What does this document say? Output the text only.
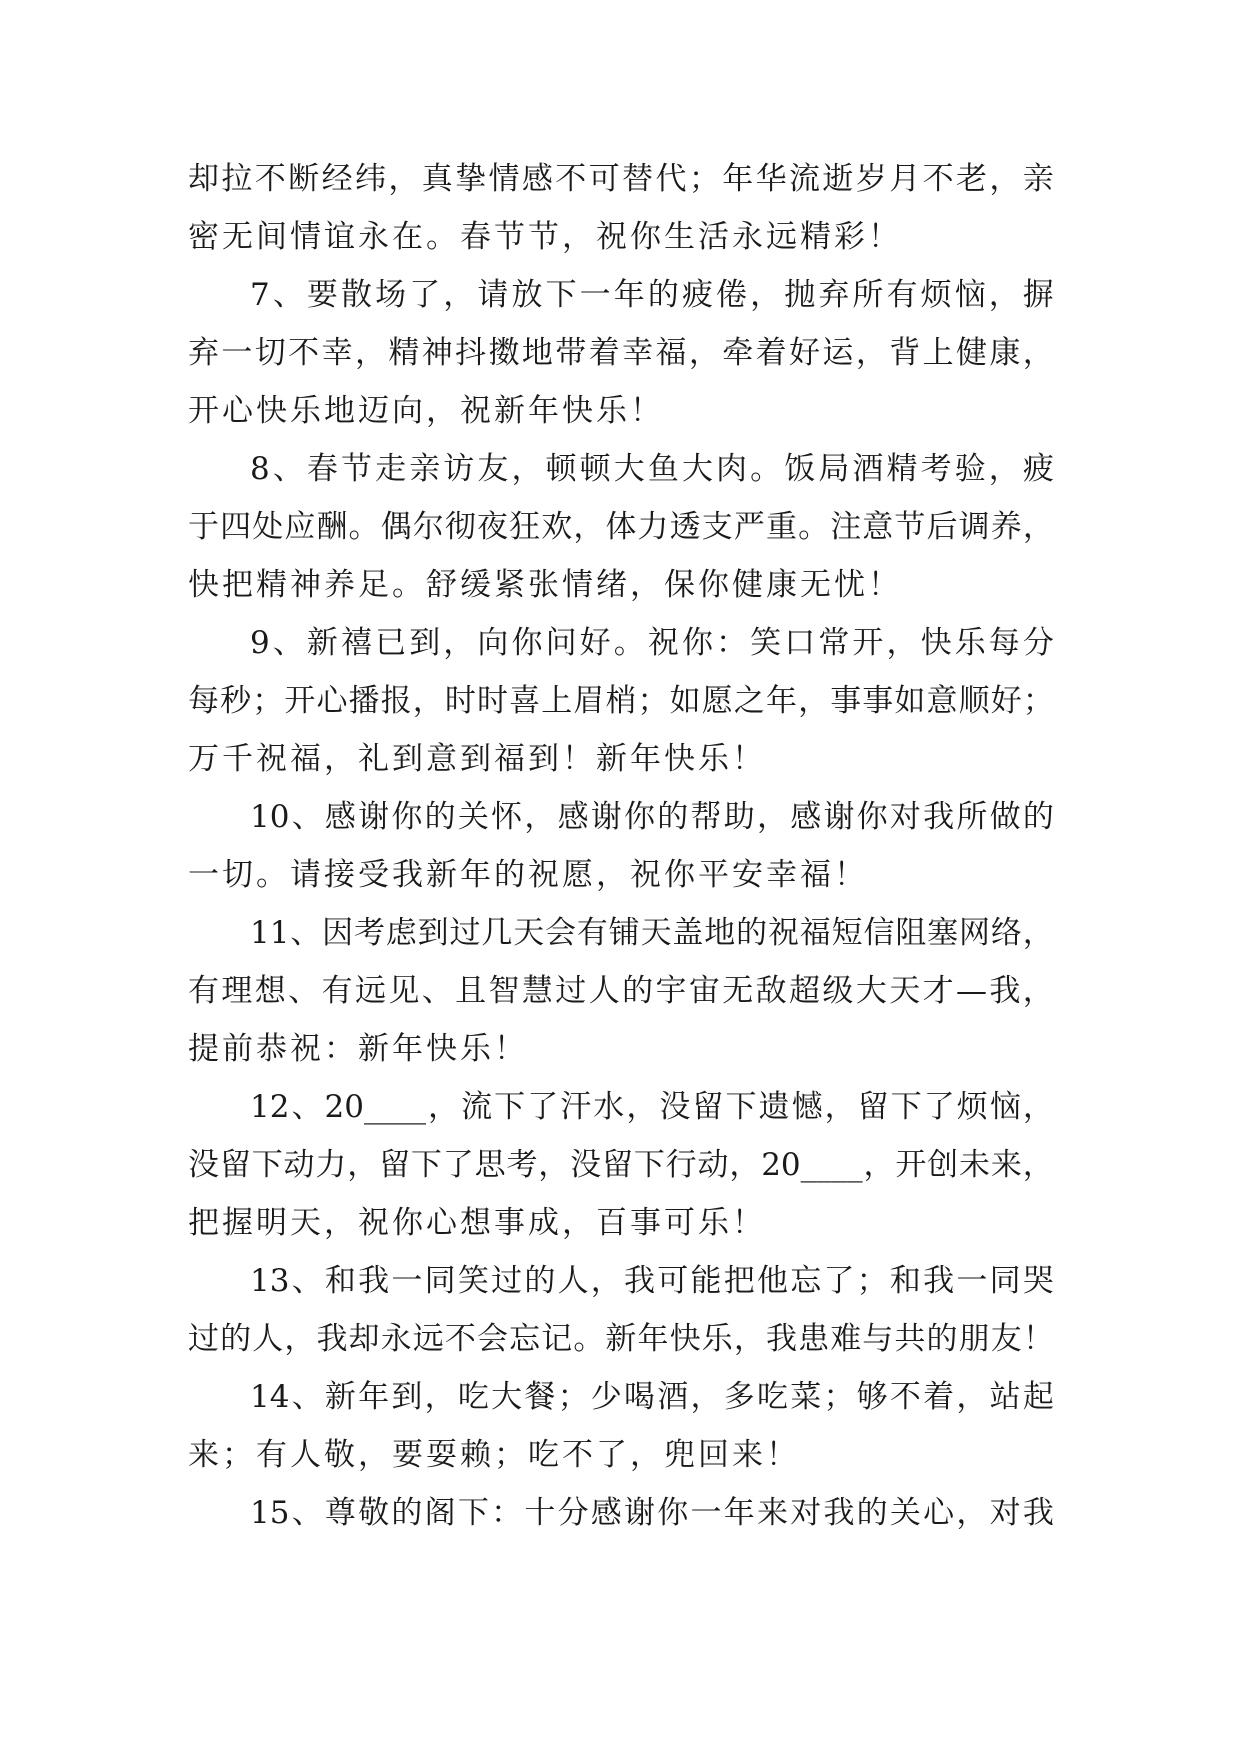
却 拉 不 断 经 纬 ， 真 挚 情 感 不 可 替 代 ； 年 华 流 逝 岁 月 不 老 ， 亲
密无间情谊永在。春节节，祝你生活永远精彩！
7 、 要 散 场 了 ， 请 放 下 一 年 的 疲 倦 ， 抛 弃 所 有 烦 恼 ， 摒
弃 一 切 不 幸 ， 精 神 抖 擞 地 带 着 幸 福 ， 牵 着 好 运 ， 背 上 健 康 ，
开心快乐地迈向，祝新年快乐！
8 、 春 节 走 亲 访 友 ， 顿 顿 大 鱼 大 肉 。 饭 局 酒 精 考 验 ， 疲
于 四 处 应 酬 。 偶 尔 彻 夜 狂 欢 ， 体 力 透 支 严 重 。 注 意 节 后 调 养 ，
快把精神养足。舒缓紧张情绪，保你健康无忧！
9 、 新 禧 已 到 ， 向 你 问 好 。 祝 你 ： 笑 口 常 开 ， 快 乐 每 分
每 秒 ； 开 心 播 报 ， 时 时 喜 上 眉 梢 ； 如 愿 之 年 ， 事 事 如 意 顺 好 ；
万千祝福，礼到意到福到！新年快乐！
10 、 感 谢 你 的 关 怀 ， 感 谢 你 的 帮 助 ， 感 谢 你 对 我 所 做 的
一切。请接受我新年的祝愿，祝你平安幸福！
11 、 因 考 虑 到 过 几 天 会 有 铺 天 盖 地 的 祝 福 短 信 阻 塞 网 络 ，
有 理 想 、 有 远 见 、 且 智 慧 过 人 的 宇 宙 无 敌 超 级 大 天 才 — 我 ，
提前恭祝：新年快乐！
12 、 20____ ， 流 下 了 汗 水 ， 没 留 下 遗 憾 ， 留 下 了 烦 恼 ，
没 留 下 动 力 ， 留 下 了 思 考 ， 没 留 下 行 动 ， 20____ ， 开 创 未 来 ，
把握明天，祝你心想事成，百事可乐！
13 、 和 我 一 同 笑 过 的 人 ， 我 可 能 把 他 忘 了 ； 和 我 一 同 哭
过 的 人 ， 我 却 永 远 不 会 忘 记 。 新 年 快 乐 ， 我 患 难 与 共 的 朋 友 ！
14 、 新 年 到 ， 吃 大 餐 ； 少 喝 酒 ， 多 吃 菜 ； 够 不 着 ， 站 起
来；有人敬，要耍赖；吃不了，兜回来！
15 、 尊 敬 的 阁 下 ： 十 分 感 谢 你 一 年 来 对 我 的 关 心 ， 对 我
